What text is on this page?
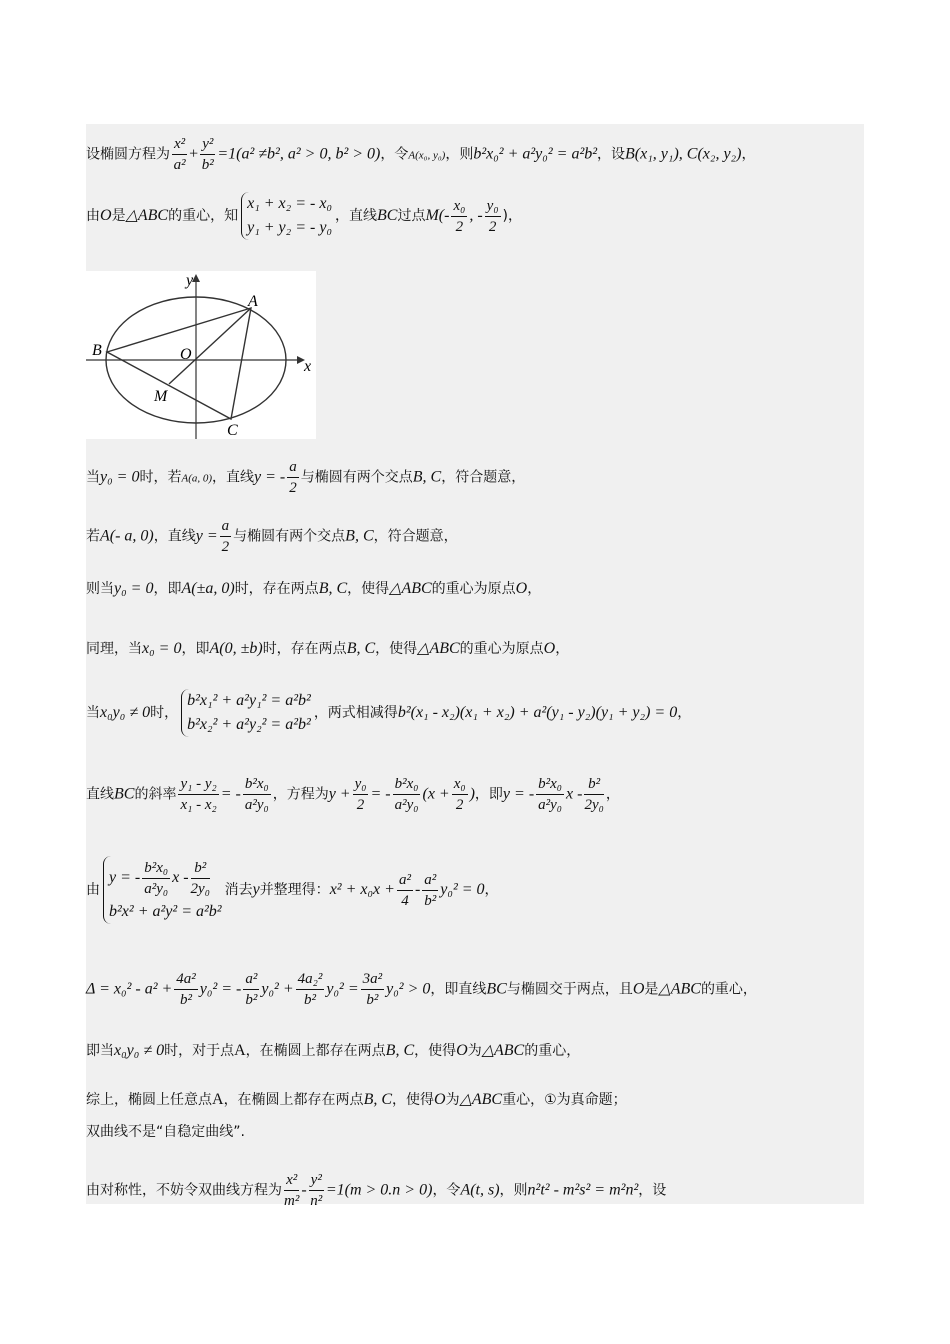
设椭圆方程为 $\frac{\text{x²}}{\text{a²}} + \frac{\text{y²}}{\text{b²}} =1(a^2 \ne b^2$, a² > 0, b² > 0)，令A(x₀, y₀)，则b²x₀² + a²y₀² = a²b²，设B(x₁, y₁), C(x₂, y₂)，
由O是△ABC的重心，知
x₁ + x₂ = - x₀
y₁ + y₂ = - y₀
，直线BC过点$M(- \frac{\text{x₀}}{2}$ , - $\frac{\text{y₀}}{2}$ )，
y
x
A
B	O
M
C
当y₀ = 0时，若A(a, 0)，直线y = - $\frac{a}{2}$ 与椭圆有两个交点B, C，符合题意，
若A(- a, 0)，直线$y = \frac{a}{2}$ 与椭圆有两个交点B, C，符合题意，
则当y₀ = 0，即A(±a, 0)时，存在两点B, C，使得△ABC的重心为原点O，
同理，当x₀ = 0，即A(0, ±b)时，存在两点B, C，使得△ABC的重心为原点O，
当x₀y₀ ≠ 0时，
b²x₁² + a²y₁² = a²b²
b²x₂² + a²y₂² = a²b²
，两式相减得b²(x₁ - x₂)(x₁ + x₂) + a²(y₁ - y₂)(y₁ + y₂) = 0，
直线BC的斜率 $\frac{\text{y₁ - y₂}}{\text{x₁ - x₂}}$ = - $\frac{\text{b²x₀}}{\text{a²y₀}}$ ，方程为$y + \frac{\text{y₀}}{2}$ = - $\frac{\text{b²x₀}}{\text{a²y₀}} (x + \frac{\text{x₀}}{2}$ )，即y = - $\frac{\text{b²x₀}}{\text{a²y₀}}$ x - $\frac{\text{b²}}{\text{2y₀}}$ ，
由
y = - $\frac{\text{b²x₀}}{\text{a²y₀}}$ x - $\frac{\text{b²}}{\text{2y₀}}$
b²x² + a²y² = a²b²
消去y并整理得：$x^2 + x_0x + \frac{\text{a²}}{4} - \frac{\text{a²}}{\text{b²}} y_0^2 = 0$，
$\Delta = x_0^2 - a^2 + \frac{\text{4a²}}{\text{b²}} y_0^2$ = - $\frac{\text{a²}}{\text{b²}} y_0^2 + \frac{\text{4a₂²}}{\text{b²}} y_0^2 = \frac{\text{3a²}}{\text{b²}} y_0^2 > 0$，即直线BC与椭圆交于两点，且O是△ABC的重心，
即当x₀y₀ ≠ 0时，对于点A，在椭圆上都存在两点B, C，使得O为△ABC的重心，
综上，椭圆上任意点A，在椭圆上都存在两点B, C，使得O为△ABC重心，①为真命题；
双曲线不是“自稳定曲线”.
由对称性，不妨令双曲线方程为 $\frac{\text{x²}}{\text{m²}} - \frac{\text{y²}}{\text{n²}} =1(m > 0.n > 0)$，令A(t, s)，则n²t² - m²s² = m²n²，设
